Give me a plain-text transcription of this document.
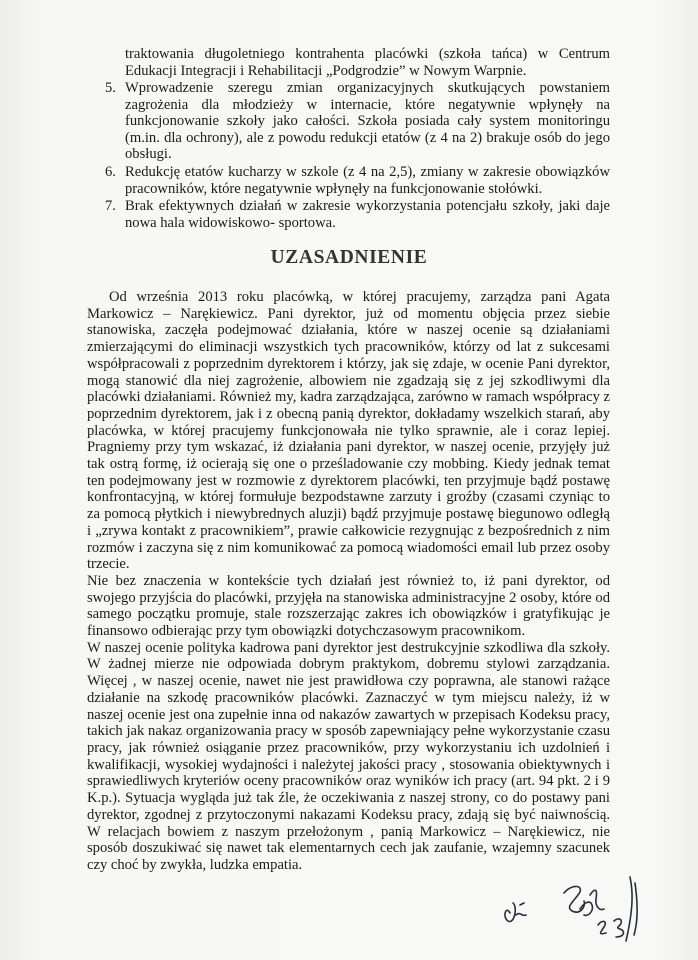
traktowania długoletniego kontrahenta placówki (szkoła tańca) w Centrum Edukacji Integracji i Rehabilitacji „Podgrodzie” w Nowym Warpnie.
5. Wprowadzenie szeregu zmian organizacyjnych skutkujących powstaniem zagrożenia dla młodzieży w internacie, które negatywnie wpłynęły na funkcjonowanie szkoły jako całości. Szkoła posiada cały system monitoringu (m.in. dla ochrony), ale z powodu redukcji etatów (z 4 na 2) brakuje osób do jego obsługi.
6. Redukcję etatów kucharzy w szkole (z 4 na 2,5), zmiany w zakresie obowiązków pracowników, które negatywnie wpłynęły na funkcjonowanie stołówki.
7. Brak efektywnych działań w zakresie wykorzystania potencjału szkoły, jaki daje nowa hala widowiskowo- sportowa.
UZASADNIENIE

Od września 2013 roku placówką, w której pracujemy, zarządza pani Agata Markowicz – Narękiewicz. Pani dyrektor, już od momentu objęcia przez siebie stanowiska, zaczęła podejmować działania, które w naszej ocenie są działaniami zmierzającymi do eliminacji wszystkich tych pracowników, którzy od lat z sukcesami współpracowali z poprzednim dyrektorem i którzy, jak się zdaje, w ocenie Pani dyrektor, mogą stanowić dla niej zagrożenie, albowiem nie zgadzają się z jej szkodliwymi dla placówki działaniami. Również my, kadra zarządzająca, zarówno w ramach współpracy z poprzednim dyrektorem, jak i z obecną panią dyrektor, dokładamy wszelkich starań, aby placówka, w której pracujemy funkcjonowała nie tylko sprawnie, ale i coraz lepiej. Pragniemy przy tym wskazać, iż działania pani dyrektor, w naszej ocenie, przyjęły już tak ostrą formę, iż ocierają się one o prześladowanie czy mobbing. Kiedy jednak temat ten podejmowany jest w rozmowie z dyrektorem placówki, ten przyjmuje bądź postawę konfrontacyjną, w której formułuje bezpodstawne zarzuty i groźby (czasami czyniąc to za pomocą płytkich i niewybrednych aluzji) bądź przyjmuje postawę biegunowo odległą i „zrywa kontakt z pracownikiem”, prawie całkowicie rezygnując z bezpośrednich z nim rozmów i zaczyna się z nim komunikować za pomocą wiadomości email lub przez osoby trzecie.

Nie bez znaczenia w kontekście tych działań jest również to, iż pani dyrektor, od swojego przyjścia do placówki, przyjęła na stanowiska administracyjne 2 osoby, które od samego początku promuje, stale rozszerzając zakres ich obowiązków i gratyfikując je finansowo odbierając przy tym obowiązki dotychczasowym pracownikom.

W naszej ocenie polityka kadrowa pani dyrektor jest destrukcyjnie szkodliwa dla szkoły. W żadnej mierze nie odpowiada dobrym praktykom, dobremu stylowi zarządzania. Więcej , w naszej ocenie, nawet nie jest prawidłowa czy poprawna, ale stanowi rażące działanie na szkodę pracowników placówki. Zaznaczyć w tym miejscu należy, iż w naszej ocenie jest ona zupełnie inna od nakazów zawartych w przepisach Kodeksu pracy, takich jak nakaz organizowania pracy w sposób zapewniający pełne wykorzystanie czasu pracy, jak również osiąganie przez pracowników, przy wykorzystaniu ich uzdolnień i kwalifikacji, wysokiej wydajności i należytej jakości pracy , stosowania obiektywnych i sprawiedliwych kryteriów oceny pracowników oraz wyników ich pracy (art. 94 pkt. 2 i 9 K.p.). Sytuacja wygląda już tak źle, że oczekiwania z naszej strony, co do postawy pani dyrektor, zgodnej z przytoczonymi nakazami Kodeksu pracy, zdają się być naiwnością. W relacjach bowiem z naszym przełożonym , panią Markowicz – Narękiewicz, nie sposób doszukiwać się nawet tak elementarnych cech jak zaufanie, wzajemny szacunek czy choć by zwykła, ludzka empatia.
